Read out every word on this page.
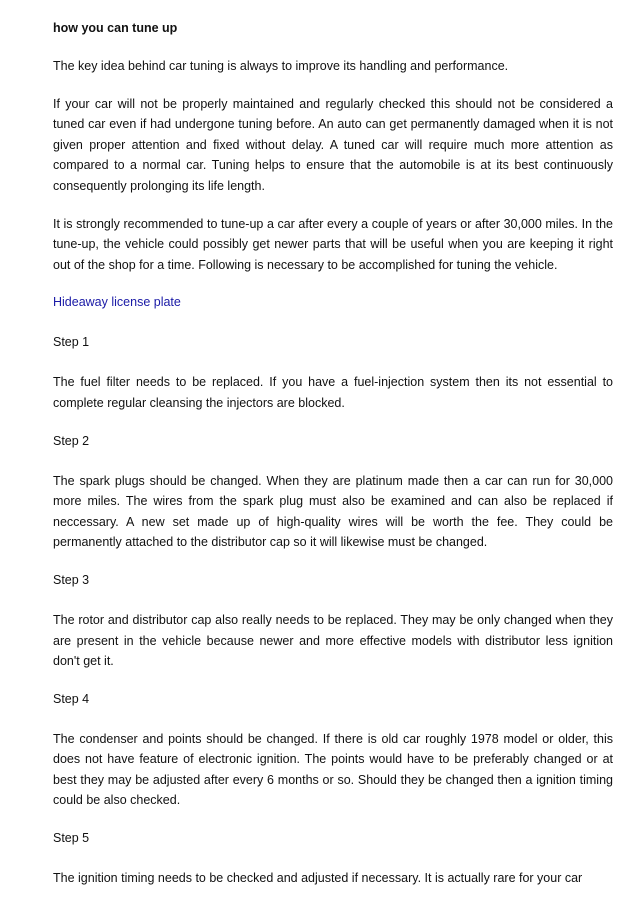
how you can tune up
The key idea behind car tuning is always to improve its handling and performance.
If your car will not be properly maintained and regularly checked this should not be considered a tuned car even if had undergone tuning before. An auto can get permanently damaged when it is not given proper attention and fixed without delay. A tuned car will require much more attention as compared to a normal car. Tuning helps to ensure that the automobile is at its best continuously consequently prolonging its life length.
It is strongly recommended to tune-up a car after every a couple of years or after 30,000 miles. In the tune-up, the vehicle could possibly get newer parts that will be useful when you are keeping it right out of the shop for a time. Following is necessary to be accomplished for tuning the vehicle.
Hideaway license plate
Step 1
The fuel filter needs to be replaced. If you have a fuel-injection system then its not essential to complete regular cleansing the injectors are blocked.
Step 2
The spark plugs should be changed. When they are platinum made then a car can run for 30,000 more miles. The wires from the spark plug must also be examined and can also be replaced if neccessary. A new set made up of high-quality wires will be worth the fee. They could be permanently attached to the distributor cap so it will likewise must be changed.
Step 3
The rotor and distributor cap also really needs to be replaced. They may be only changed when they are present in the vehicle because newer and more effective models with distributor less ignition don't get it.
Step 4
The condenser and points should be changed. If there is old car roughly 1978 model or older, this does not have feature of electronic ignition. The points would have to be preferably changed or at best they may be adjusted after every 6 months or so. Should they be changed then a ignition timing could be also checked.
Step 5
The ignition timing needs to be checked and adjusted if necessary. It is actually rare for your car
